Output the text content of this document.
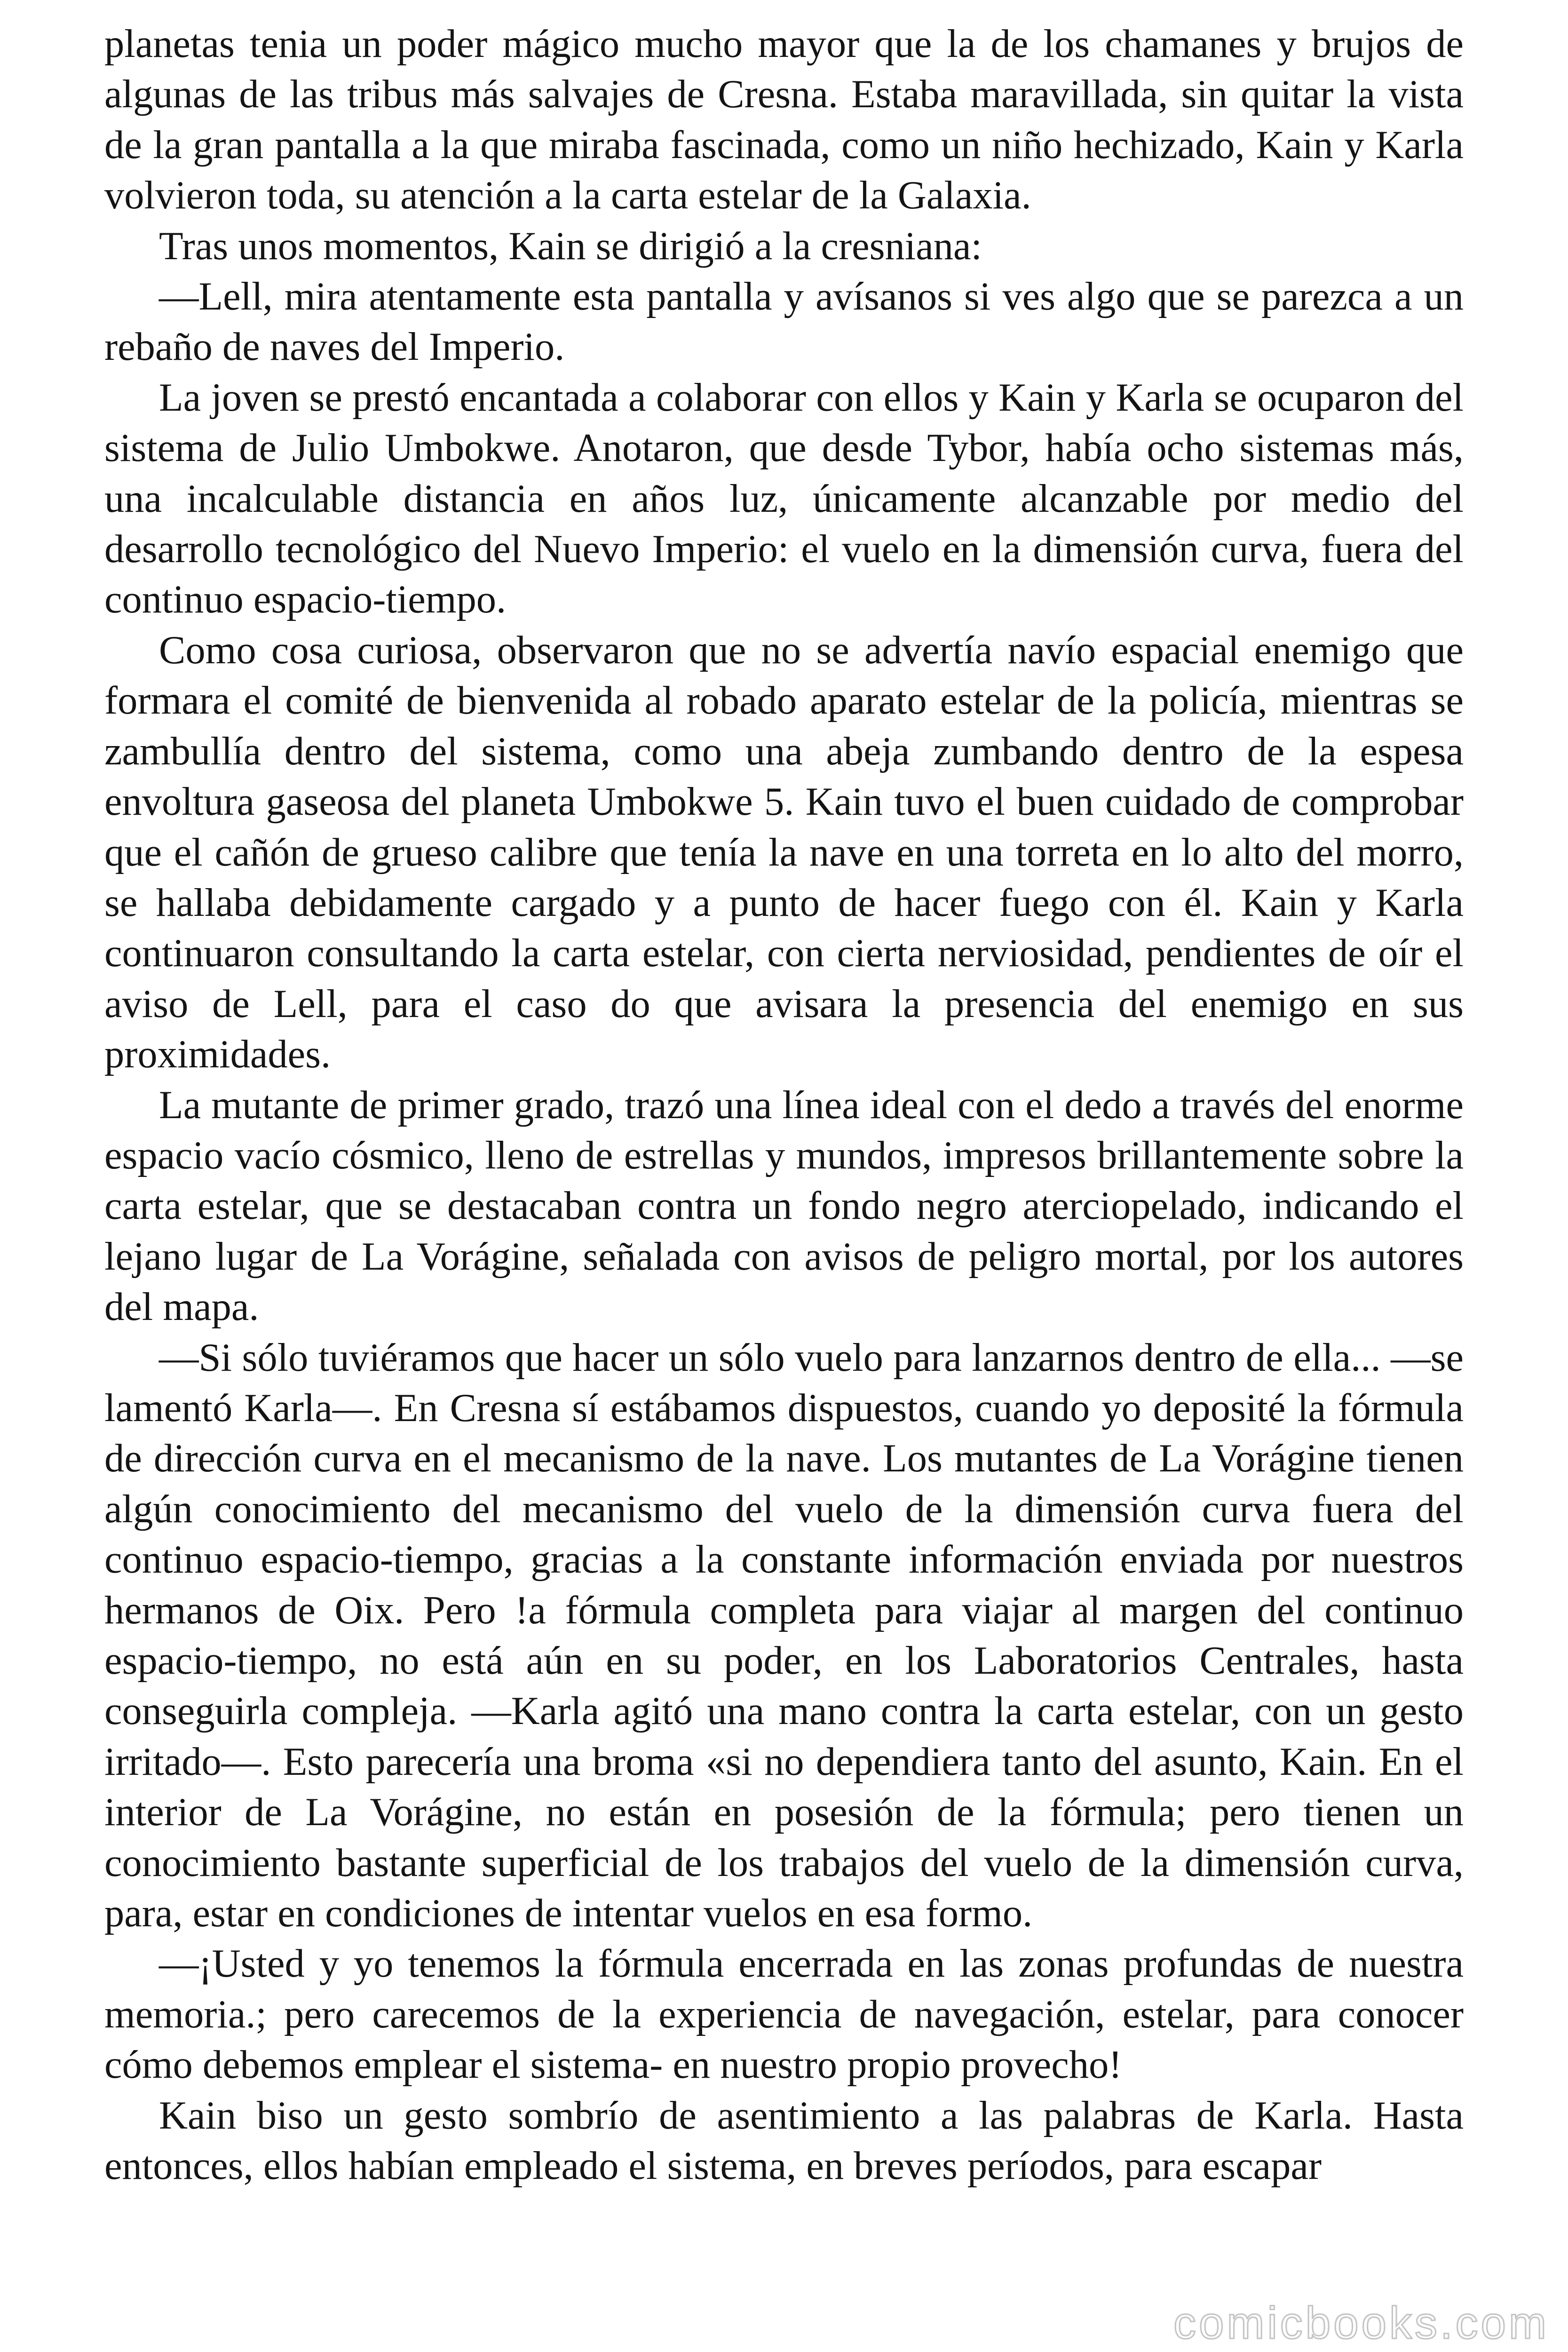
planetas tenia un poder mágico mucho mayor que la de los chamanes y brujos de algunas de las tribus más salvajes de Cresna. Estaba maravillada, sin quitar la vista de la gran pantalla a la que miraba fascinada, como un niño hechizado, Kain y Karla volvieron toda, su atención a la carta estelar de la Galaxia.

Tras unos momentos, Kain se dirigió a la cresniana:

—Lell, mira atentamente esta pantalla y avísanos si ves algo que se parezca a un rebaño de naves del Imperio.

La joven se prestó encantada a colaborar con ellos y Kain y Karla se ocuparon del sistema de Julio Umbokwe. Anotaron, que desde Tybor, había ocho sistemas más, una incalculable distancia en años luz, únicamente alcanzable por medio del desarrollo tecnológico del Nuevo Imperio: el vuelo en la dimensión curva, fuera del continuo espacio-tiempo.

Como cosa curiosa, observaron que no se advertía navío espacial enemigo que formara el comité de bienvenida al robado aparato estelar de la policía, mientras se zambullía dentro del sistema, como una abeja zumbando dentro de la espesa envoltura gaseosa del planeta Umbokwe 5. Kain tuvo el buen cuidado de comprobar que el cañón de grueso calibre que tenía la nave en una torreta en lo alto del morro, se hallaba debidamente cargado y a punto de hacer fuego con él. Kain y Karla continuaron consultando la carta estelar, con cierta nerviosidad, pendientes de oír el aviso de Lell, para el caso do que avisara la presencia del enemigo en sus proximidades.

La mutante de primer grado, trazó una línea ideal con el dedo a través del enorme espacio vacío cósmico, lleno de estrellas y mundos, impresos brillantemente sobre la carta estelar, que se destacaban contra un fondo negro aterciopelado, indicando el lejano lugar de La Vorágine, señalada con avisos de peligro mortal, por los autores del mapa.

—Si sólo tuviéramos que hacer un sólo vuelo para lanzarnos dentro de ella... —se lamentó Karla—. En Cresna sí estábamos dispuestos, cuando yo deposité la fórmula de dirección curva en el mecanismo de la nave. Los mutantes de La Vorágine tienen algún conocimiento del mecanismo del vuelo de la dimensión curva fuera del continuo espacio-tiempo, gracias a la constante información enviada por nuestros hermanos de Oix. Pero !a fórmula completa para viajar al margen del continuo espacio-tiempo, no está aún en su poder, en los Laboratorios Centrales, hasta conseguirla compleja. —Karla agitó una mano contra la carta estelar, con un gesto irritado—. Esto parecería una broma «si no dependiera tanto del asunto, Kain. En el interior de La Vorágine, no están en posesión de la fórmula; pero tienen un conocimiento bastante superficial de los trabajos del vuelo de la dimensión curva, para, estar en condiciones de intentar vuelos en esa formo.

—¡Usted y yo tenemos la fórmula encerrada en las zonas profundas de nuestra memoria.; pero carecemos de la experiencia de navegación, estelar, para conocer cómo debemos emplear el sistema- en nuestro propio provecho!

Kain biso un gesto sombrío de asentimiento a las palabras de Karla. Hasta entonces, ellos habían empleado el sistema, en breves períodos, para escapar

comicbooks.com
